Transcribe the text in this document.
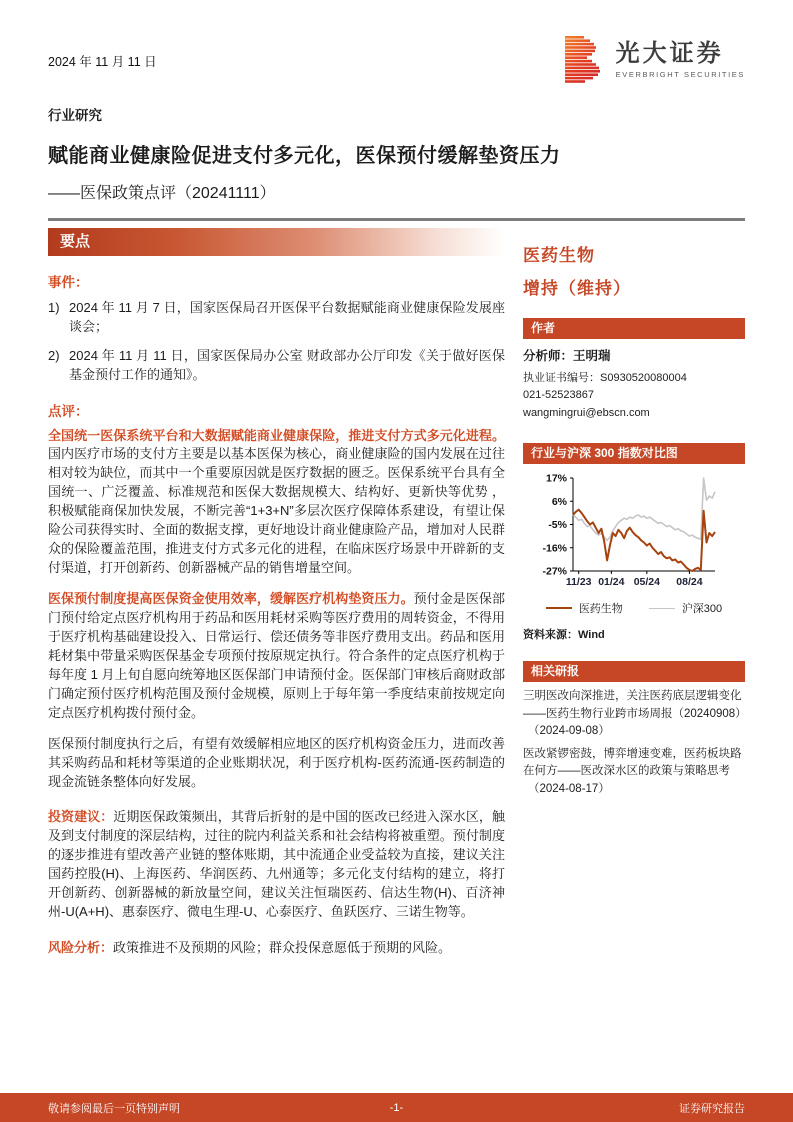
2024 年 11 月 11 日	光大证券
EVERBRIGHT SECURITIES
行业研究
赋能商业健康险促进支付多元化，医保预付缓解垫资压力
——医保政策点评（20241111）
要点
事件：
1) 2024 年 11 月 7 日，国家医保局召开医保平台数据赋能商业健康保险发展座谈会；
2) 2024 年 11 月 11 日，国家医保局办公室 财政部办公厅印发《关于做好医保基金预付工作的通知》。
点评：

全国统一医保系统平台和大数据赋能商业健康保险，推进支付方式多元化进程。国内医疗市场的支付方主要是以基本医保为核心，商业健康险的国内发展在过往相对较为缺位，而其中一个重要原因就是医疗数据的匮乏。医保系统平台具有全国统一、广泛覆盖、标准规范和医保大数据规模大、结构好、更新快等优势 ，积极赋能商保加快发展，不断完善“1+3+N”多层次医疗保障体系建设，有望让保险公司获得实时、全面的数据支撑，更好地设计商业健康险产品，增加对人民群众的保险覆盖范围，推进支付方式多元化的进程，在临床医疗场景中开辟新的支付渠道，打开创新药、创新器械产品的销售增量空间。

医保预付制度提高医保资金使用效率，缓解医疗机构垫资压力。预付金是医保部门预付给定点医疗机构用于药品和医用耗材采购等医疗费用的周转资金，不得用于医疗机构基础建设投入、日常运行、偿还债务等非医疗费用支出。药品和医用耗材集中带量采购医保基金专项预付按原规定执行。符合条件的定点医疗机构于每年度 1 月上旬自愿向统筹地区医保部门申请预付金。医保部门审核后商财政部门确定预付医疗机构范围及预付金规模，原则上于每年第一季度结束前按规定向定点医疗机构拨付预付金。

医保预付制度执行之后，有望有效缓解相应地区的医疗机构资金压力，进而改善其采购药品和耗材等渠道的企业账期状况，利于医疗机构-医药流通-医药制造的现金流链条整体向好发展。

投资建议：近期医保政策频出，其背后折射的是中国的医改已经进入深水区，触及到支付制度的深层结构，过往的院内利益关系和社会结构将被重塑。预付制度的逐步推进有望改善产业链的整体账期，其中流通企业受益较为直接，建议关注国药控股(H)、上海医药、华润医药、九州通等；多元化支付结构的建立，将打开创新药、创新器械的新放量空间，建议关注恒瑞医药、信达生物(H)、百济神州-U(A+H)、惠泰医疗、微电生理-U、心泰医疗、鱼跃医疗、三诺生物等。

风险分析：政策推进不及预期的风险；群众投保意愿低于预期的风险。

医药生物
增持（维持）
作者
分析师：王明瑞
执业证书编号：S0930520080004
021-52523867
wangmingrui@ebscn.com
行业与沪深 300 指数对比图
17%
6%
-5%
-16%
-27%
11/23 01/24 05/24 08/24
医药生物	沪深300
资料来源：Wind
相关研报
三明医改向深推进，关注医药底层逻辑变化——医药生物行业跨市场周报（20240908）
（2024-09-08）
医改紧锣密鼓，博弈增速变难，医药板块路在何方——医改深水区的政策与策略思考
（2024-08-17）
敬请参阅最后一页特别声明	-1-	证券研究报告
